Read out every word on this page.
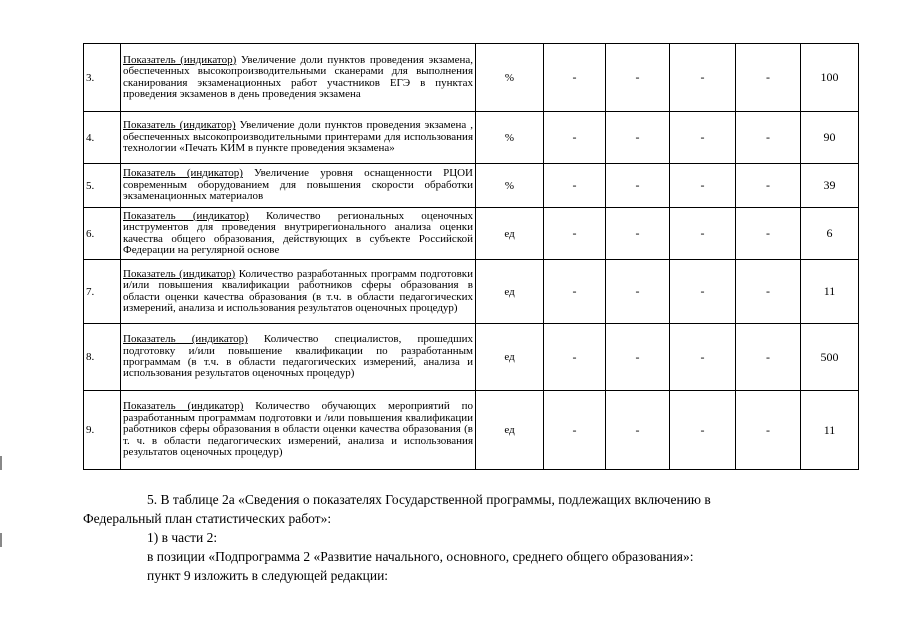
3.	Показатель (индикатор) Увеличение доли пунктов проведения экзамена, обеспеченных высокопроизводительными сканерами для выполнения сканирования экзаменационных работ участников ЕГЭ в пунктах проведения экзаменов в день проведения экзамена	%	-	-	-	-	100
4.	Показатель (индикатор) Увеличение доли пунктов проведения экзамена , обеспеченных высокопроизводительными принтерами для использования технологии «Печать КИМ в пункте проведения экзамена»	%	-	-	-	-	90
5.	Показатель (индикатор) Увеличение уровня оснащенности РЦОИ современным оборудованием для повышения скорости обработки экзаменационных материалов	%	-	-	-	-	39
6.	Показатель (индикатор) Количество региональных оценочных инструментов для проведения внутрирегионального анализа оценки качества общего образования, действующих в субъекте Российской Федерации на регулярной основе	ед	-	-	-	-	6
7.	Показатель (индикатор) Количество разработанных программ подготовки и/или повышения квалификации работников сферы образования в области оценки качества образования (в т.ч. в области педагогических измерений, анализа и использования результатов оценочных процедур)	ед	-	-	-	-	11
8.	Показатель (индикатор) Количество специалистов, прошедших подготовку и/или повышение квалификации по разработанным программам (в т.ч. в области педагогических измерений, анализа и использования результатов оценочных процедур)	ед	-	-	-	-	500
9.	Показатель (индикатор) Количество обучающих мероприятий по разработанным программам подготовки и /или повышения квалификации работников сферы образования в области оценки качества образования (в т. ч. в области педагогических измерений, анализа и использования результатов оценочных процедур)	ед	-	-	-	-	11
5. В таблице 2а «Сведения о показателях Государственной программы, подлежащих включению в
Федеральный план статистических работ»:
1) в части 2:
в позиции «Подпрограмма 2 «Развитие начального, основного, среднего общего образования»:
пункт 9 изложить в следующей редакции:
